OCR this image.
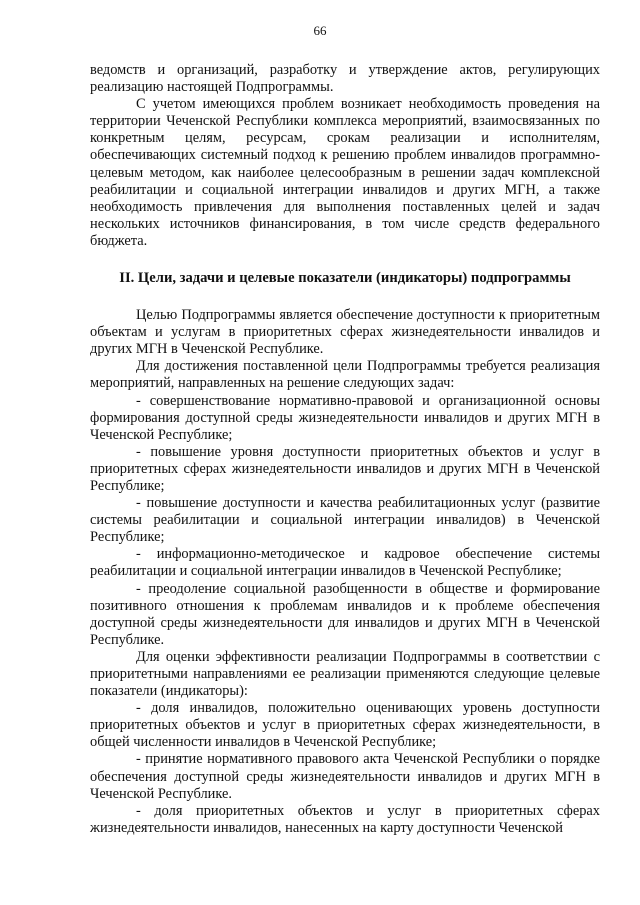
66

ведомств и организаций, разработку и утверждение актов, регулирующих реализацию настоящей Подпрограммы.

С учетом имеющихся проблем возникает необходимость проведения на территории Чеченской Республики комплекса мероприятий, взаимосвязанных по конкретным целям, ресурсам, срокам реализации и исполнителям, обеспечивающих системный подход к решению проблем инвалидов программно-целевым методом, как наиболее целесообразным в решении задач комплексной реабилитации и социальной интеграции инвалидов и других МГН, а также необходимость привлечения для выполнения поставленных целей и задач нескольких источников финансирования, в том числе средств федерального бюджета.

II. Цели, задачи и целевые показатели (индикаторы) подпрограммы

Целью Подпрограммы является обеспечение доступности к приоритетным объектам и услугам в приоритетных сферах жизнедеятельности инвалидов и других МГН в Чеченской Республике.

Для достижения поставленной цели Подпрограммы требуется реализация мероприятий, направленных на решение следующих задач:

- совершенствование нормативно-правовой и организационной основы формирования доступной среды жизнедеятельности инвалидов и других МГН в Чеченской Республике;

- повышение уровня доступности приоритетных объектов и услуг в приоритетных сферах жизнедеятельности инвалидов и других МГН в Чеченской Республике;

- повышение доступности и качества реабилитационных услуг (развитие системы реабилитации и социальной интеграции инвалидов) в Чеченской Республике;

- информационно-методическое и кадровое обеспечение системы реабилитации и социальной интеграции инвалидов в Чеченской Республике;

- преодоление социальной разобщенности в обществе и формирование позитивного отношения к проблемам инвалидов и к проблеме обеспечения доступной среды жизнедеятельности для инвалидов и других МГН в Чеченской Республике.

Для оценки эффективности реализации Подпрограммы в соответствии с приоритетными направлениями ее реализации применяются следующие целевые показатели (индикаторы):

- доля инвалидов, положительно оценивающих уровень доступности приоритетных объектов и услуг в приоритетных сферах жизнедеятельности, в общей численности инвалидов в Чеченской Республике;

- принятие нормативного правового акта Чеченской Республики о порядке обеспечения доступной среды жизнедеятельности инвалидов и других МГН в Чеченской Республике.

- доля приоритетных объектов и услуг в приоритетных сферах жизнедеятельности инвалидов, нанесенных на карту доступности Чеченской
